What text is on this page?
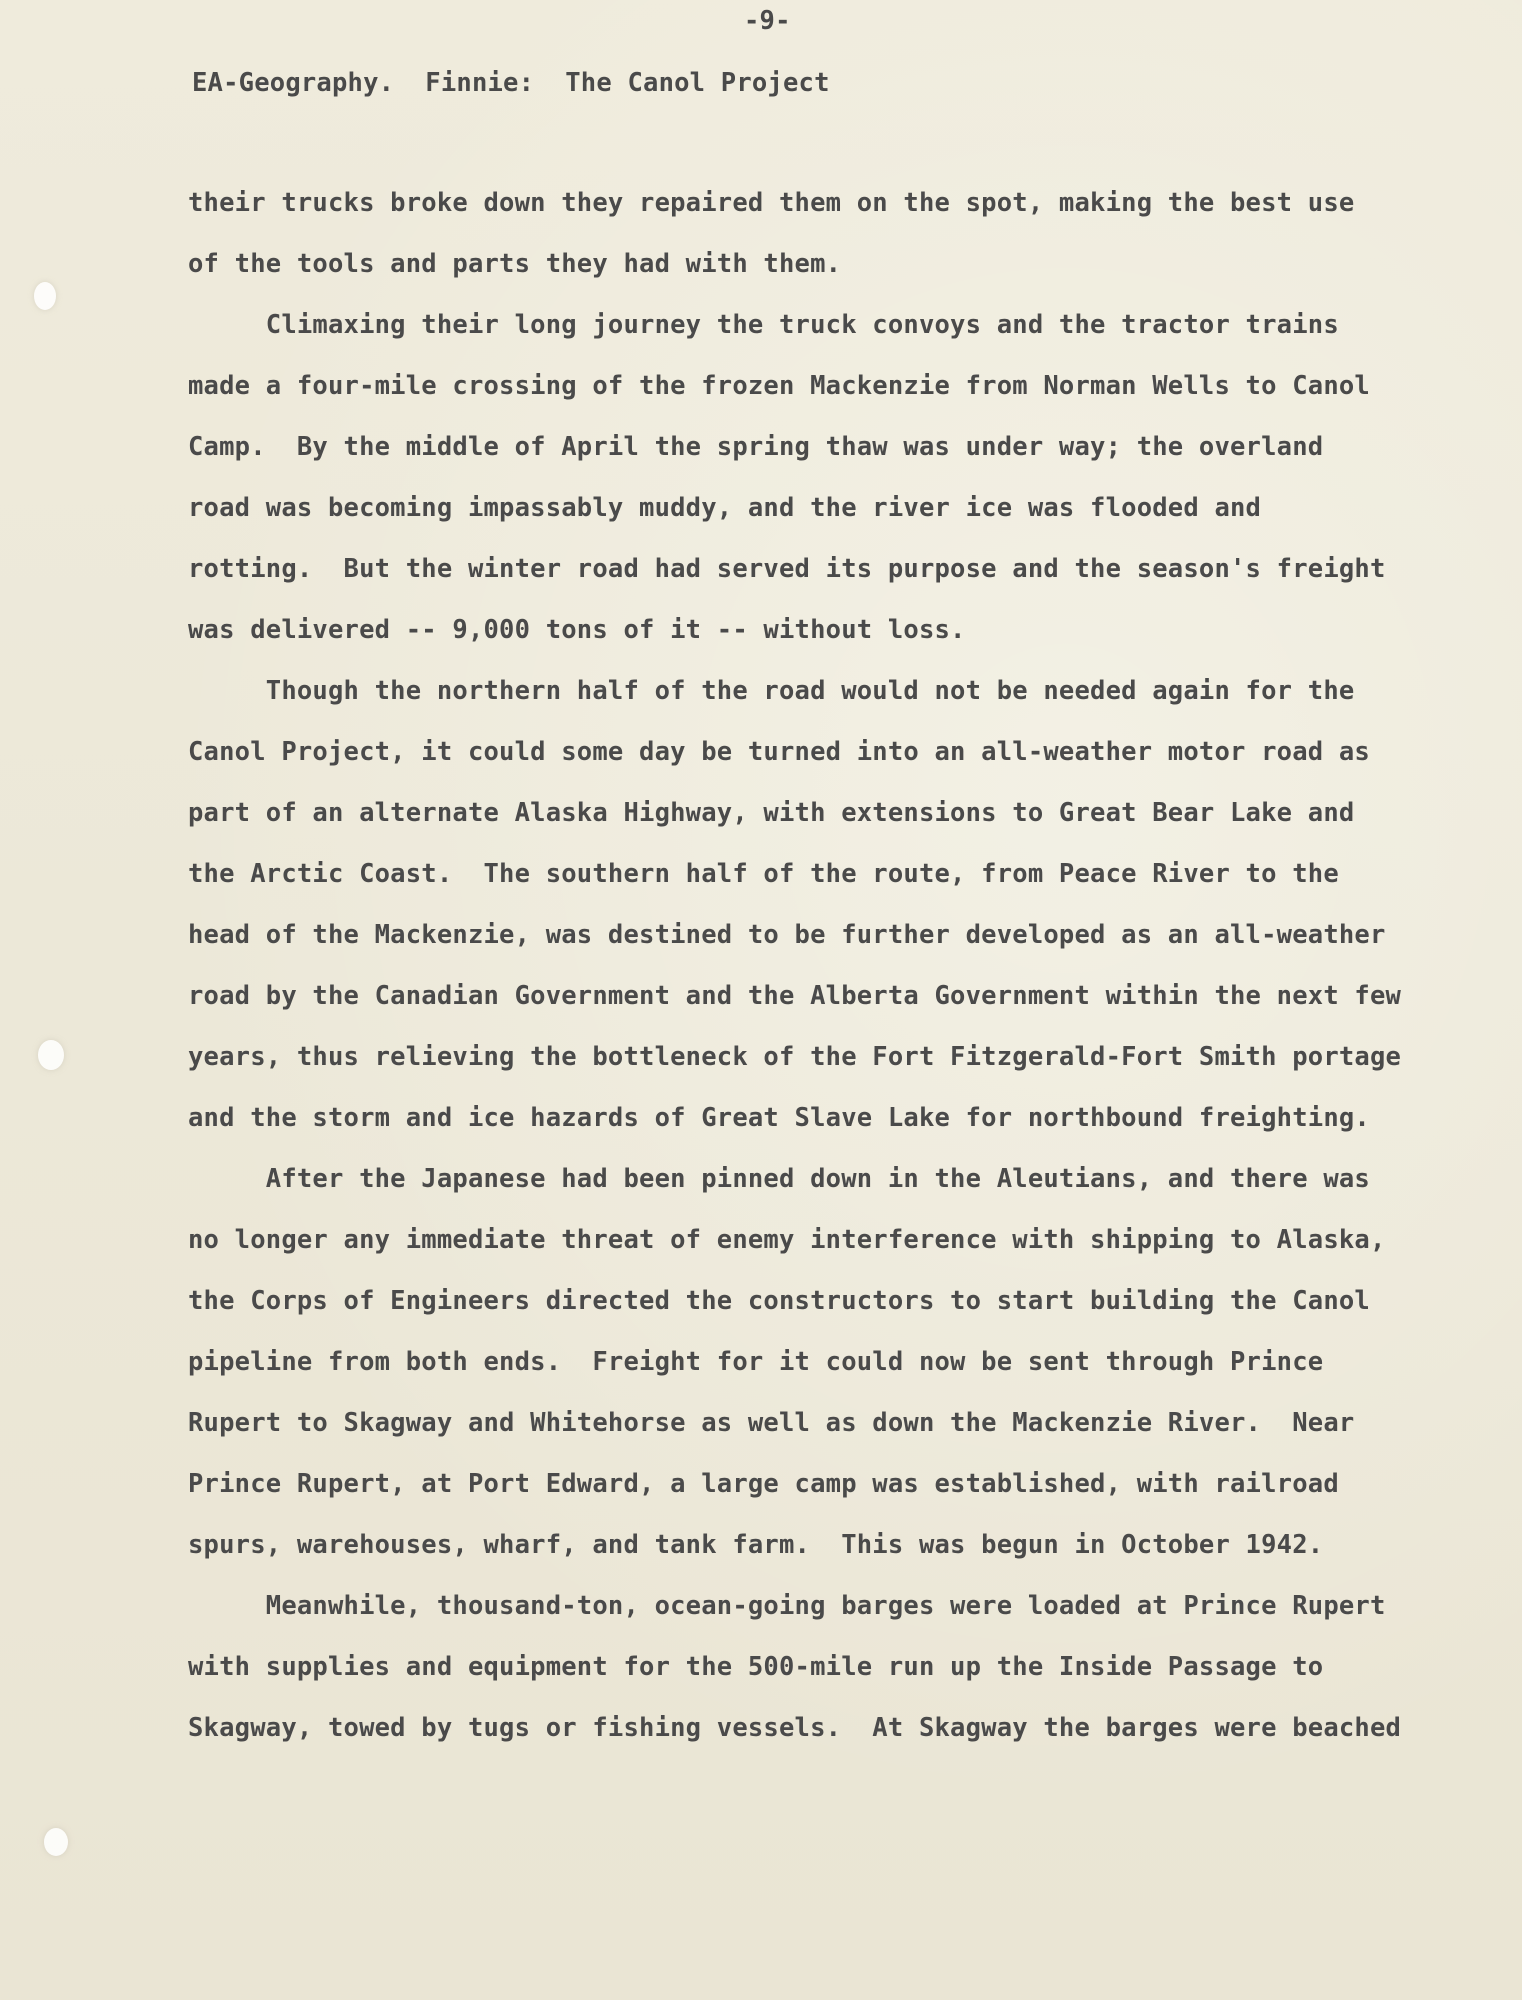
-9-
EA-Geography.  Finnie:  The Canol Project
their trucks broke down they repaired them on the spot, making the best use
of the tools and parts they had with them.
Climaxing their long journey the truck convoys and the tractor trains
made a four-mile crossing of the frozen Mackenzie from Norman Wells to Canol
Camp.  By the middle of April the spring thaw was under way; the overland
road was becoming impassably muddy, and the river ice was flooded and
rotting.  But the winter road had served its purpose and the season's freight
was delivered -- 9,000 tons of it -- without loss.
Though the northern half of the road would not be needed again for the
Canol Project, it could some day be turned into an all-weather motor road as
part of an alternate Alaska Highway, with extensions to Great Bear Lake and
the Arctic Coast.  The southern half of the route, from Peace River to the
head of the Mackenzie, was destined to be further developed as an all-weather
road by the Canadian Government and the Alberta Government within the next few
years, thus relieving the bottleneck of the Fort Fitzgerald-Fort Smith portage
and the storm and ice hazards of Great Slave Lake for northbound freighting.
After the Japanese had been pinned down in the Aleutians, and there was
no longer any immediate threat of enemy interference with shipping to Alaska,
the Corps of Engineers directed the constructors to start building the Canol
pipeline from both ends.  Freight for it could now be sent through Prince
Rupert to Skagway and Whitehorse as well as down the Mackenzie River.  Near
Prince Rupert, at Port Edward, a large camp was established, with railroad
spurs, warehouses, wharf, and tank farm.  This was begun in October 1942.
Meanwhile, thousand-ton, ocean-going barges were loaded at Prince Rupert
with supplies and equipment for the 500-mile run up the Inside Passage to
Skagway, towed by tugs or fishing vessels.  At Skagway the barges were beached
